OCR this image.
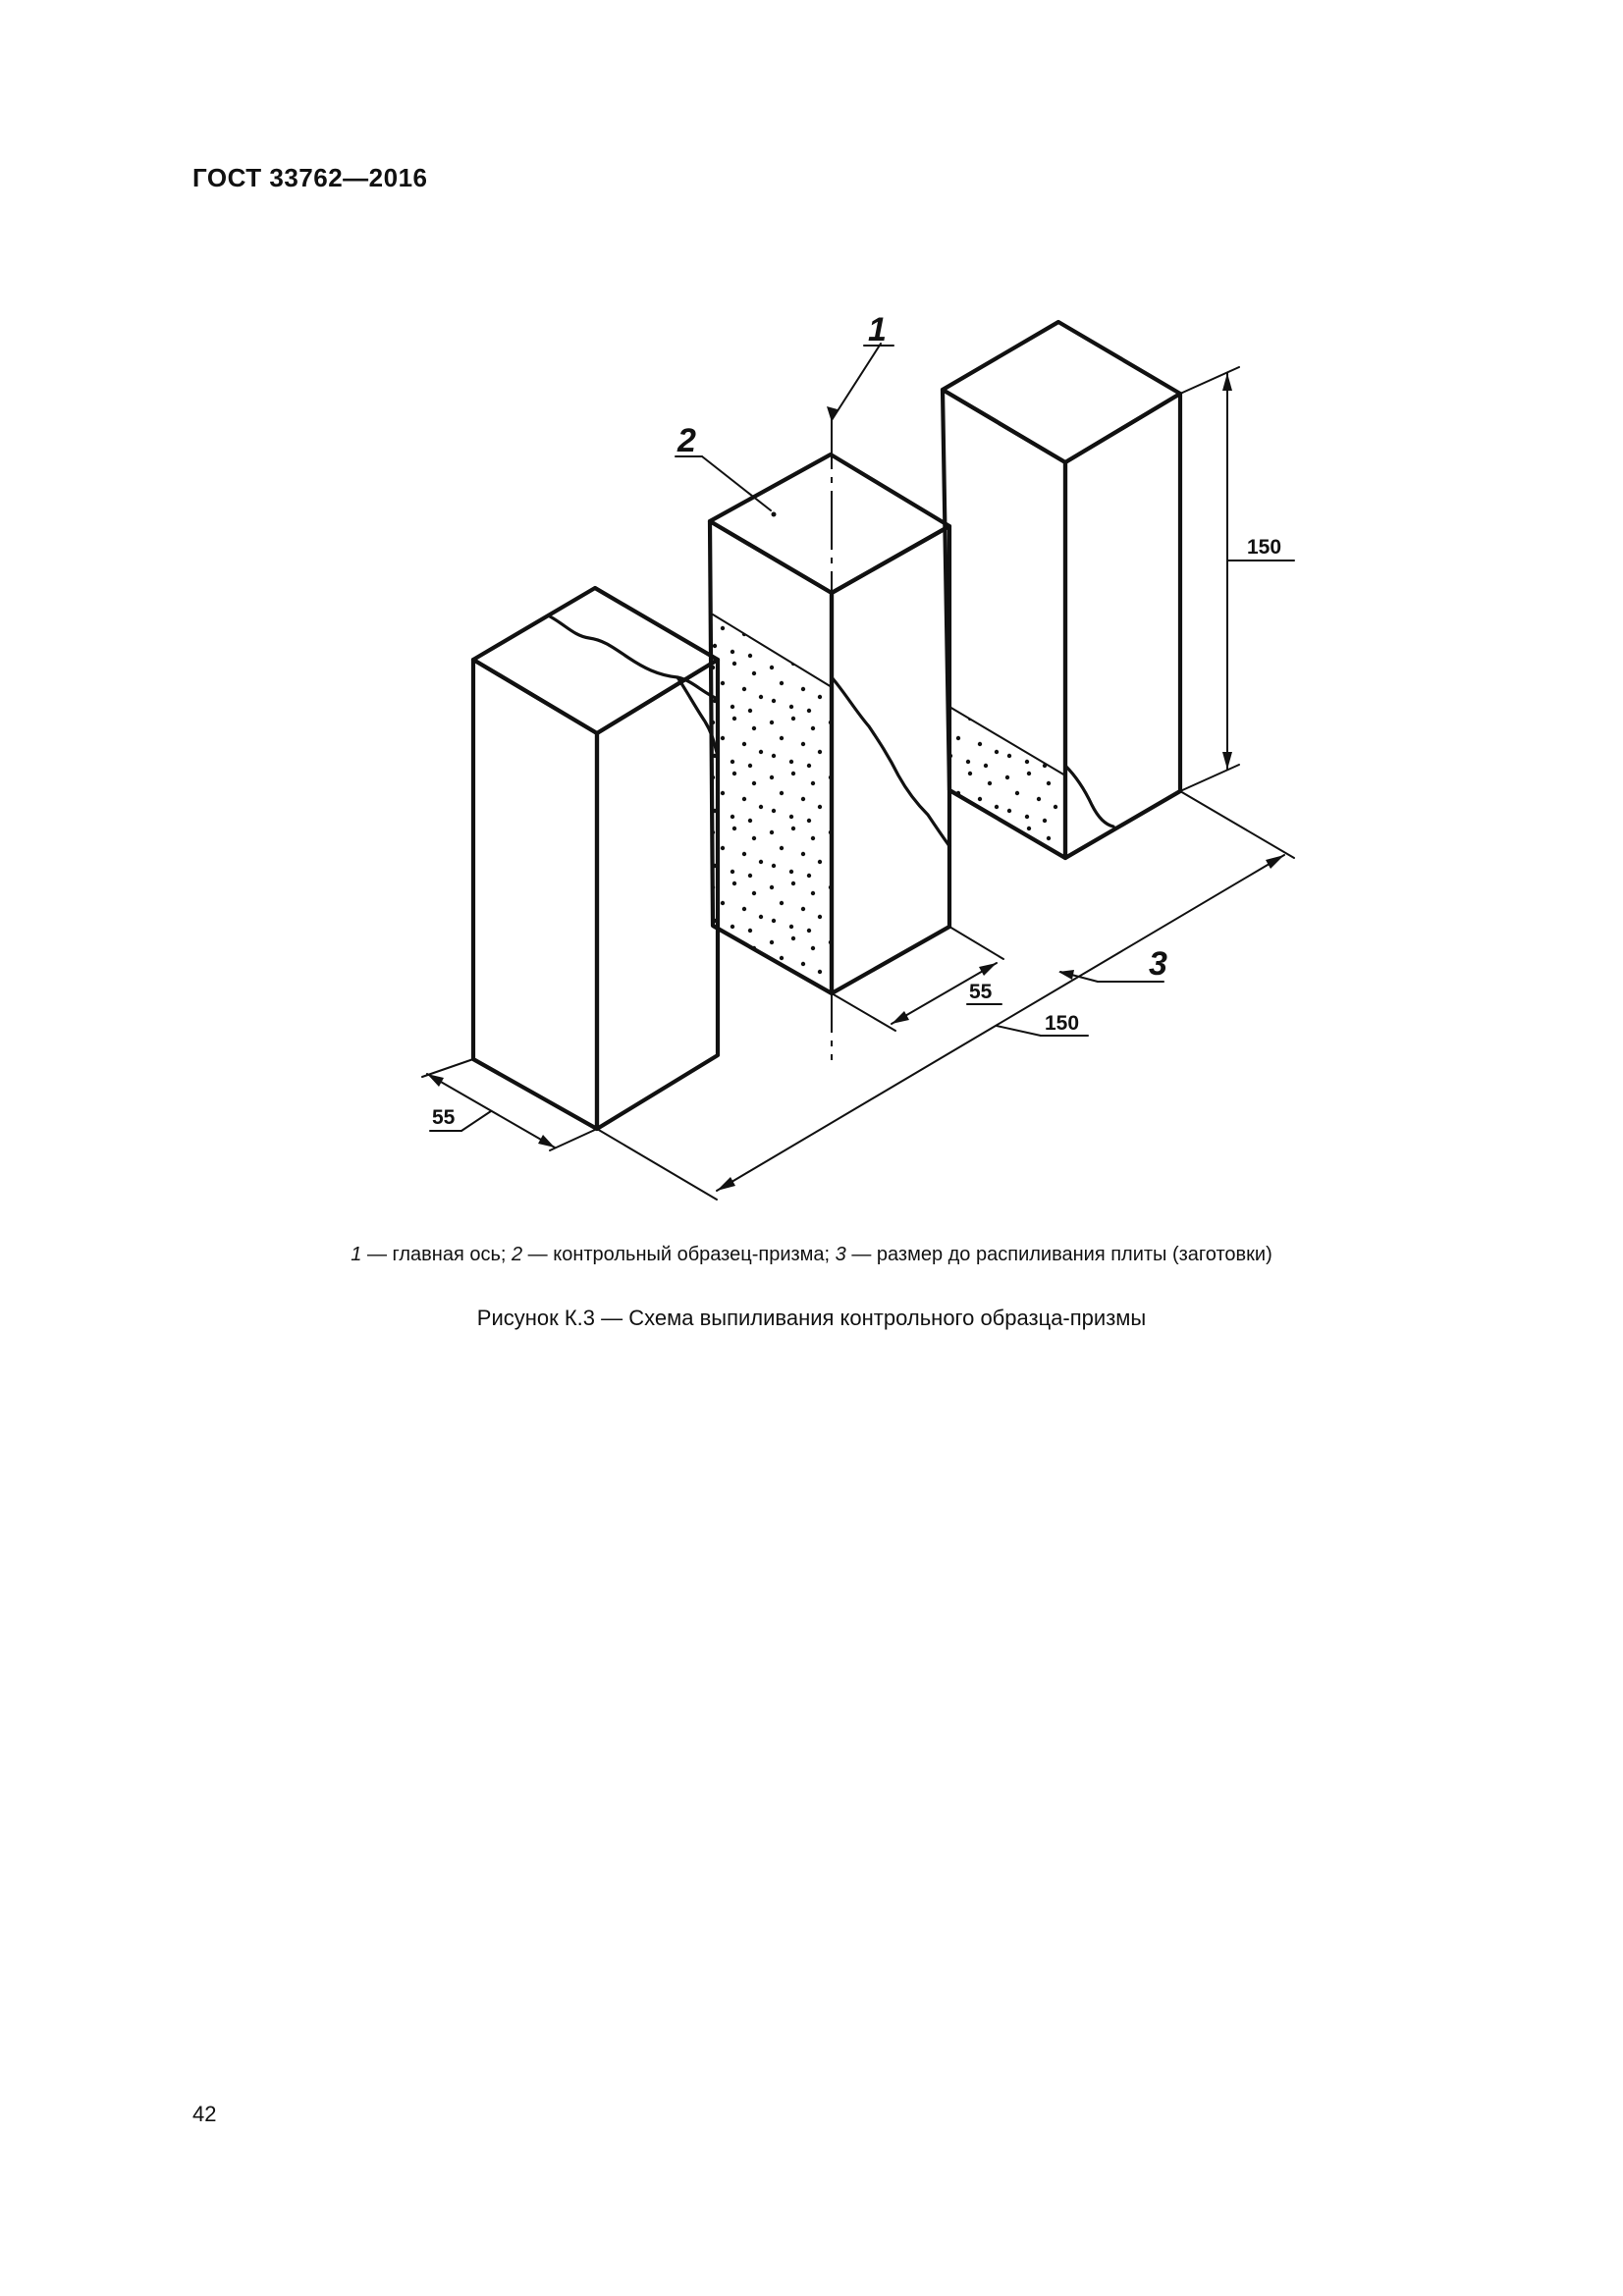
ГОСТ 33762—2016
1
2
3
150
150
55
55
1 — главная ось; 2 — контрольный образец-призма; 3 — размер до распиливания плиты (заготовки)
Рисунок К.3 — Схема выпиливания контрольного образца-призмы
42
